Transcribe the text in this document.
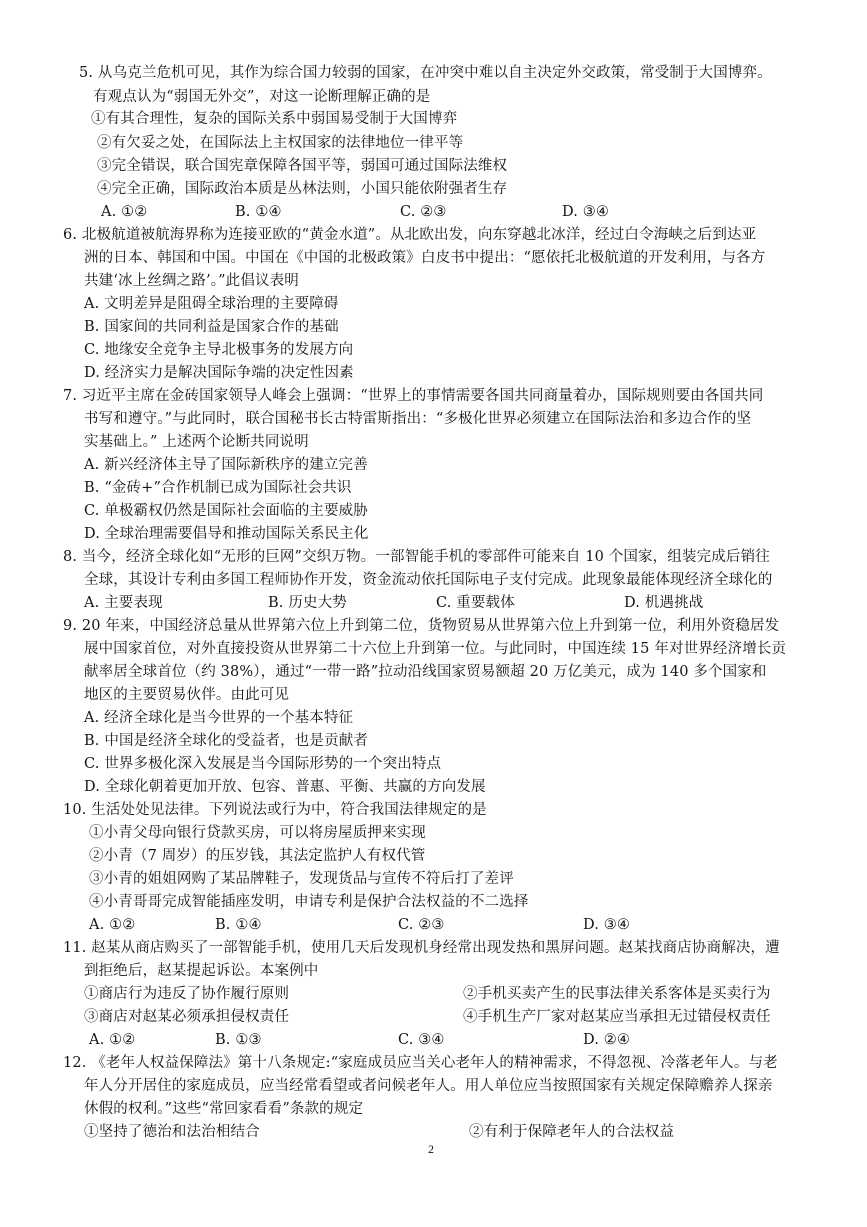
5. 从乌克兰危机可见，其作为综合国力较弱的国家，在冲突中难以自主决定外交政策，常受制于大国博弈。
有观点认为“弱国无外交”，对这一论断理解正确的是
①有其合理性，复杂的国际关系中弱国易受制于大国博弈
②有欠妥之处，在国际法上主权国家的法律地位一律平等
③完全错误，联合国宪章保障各国平等，弱国可通过国际法维权
④完全正确，国际政治本质是丛林法则，小国只能依附强者生存
A. ①②	B. ①④	C. ②③	D. ③④
6. 北极航道被航海界称为连接亚欧的“黄金水道”。从北欧出发，向东穿越北冰洋，经过白令海峡之后到达亚
洲的日本、韩国和中国。中国在《中国的北极政策》白皮书中提出：“愿依托北极航道的开发利用，与各方
共建‘冰上丝绸之路’。”此倡议表明
A. 文明差异是阻碍全球治理的主要障碍
B. 国家间的共同利益是国家合作的基础
C. 地缘安全竞争主导北极事务的发展方向
D. 经济实力是解决国际争端的决定性因素
7. 习近平主席在金砖国家领导人峰会上强调：“世界上的事情需要各国共同商量着办，国际规则要由各国共同
书写和遵守。”与此同时，联合国秘书长古特雷斯指出：“多极化世界必须建立在国际法治和多边合作的坚
实基础上。” 上述两个论断共同说明
A. 新兴经济体主导了国际新秩序的建立完善
B. “金砖+”合作机制已成为国际社会共识
C. 单极霸权仍然是国际社会面临的主要威胁
D. 全球治理需要倡导和推动国际关系民主化
8. 当今，经济全球化如“无形的巨网”交织万物。一部智能手机的零部件可能来自 10 个国家，组装完成后销往
全球，其设计专利由多国工程师协作开发，资金流动依托国际电子支付完成。此现象最能体现经济全球化的
A. 主要表现	B. 历史大势	C. 重要载体	D. 机遇挑战
9. 20 年来，中国经济总量从世界第六位上升到第二位，货物贸易从世界第六位上升到第一位，利用外资稳居发
展中国家首位，对外直接投资从世界第二十六位上升到第一位。与此同时，中国连续 15 年对世界经济增长贡
献率居全球首位（约 38%），通过“一带一路”拉动沿线国家贸易额超 20 万亿美元，成为 140 多个国家和
地区的主要贸易伙伴。由此可见
A. 经济全球化是当今世界的一个基本特征
B. 中国是经济全球化的受益者，也是贡献者
C. 世界多极化深入发展是当今国际形势的一个突出特点
D. 全球化朝着更加开放、包容、普惠、平衡、共赢的方向发展
10. 生活处处见法律。下列说法或行为中，符合我国法律规定的是
①小青父母向银行贷款买房，可以将房屋质押来实现
②小青（7 周岁）的压岁钱，其法定监护人有权代管
③小青的姐姐网购了某品牌鞋子，发现货品与宣传不符后打了差评
④小青哥哥完成智能插座发明，申请专利是保护合法权益的不二选择
A. ①②	B. ①④	C. ②③	D. ③④
11. 赵某从商店购买了一部智能手机，使用几天后发现机身经常出现发热和黑屏问题。赵某找商店协商解决，遭
到拒绝后，赵某提起诉讼。本案例中
①商店行为违反了协作履行原则	②手机买卖产生的民事法律关系客体是买卖行为
③商店对赵某必须承担侵权责任	④手机生产厂家对赵某应当承担无过错侵权责任
A. ①②	B. ①③	C. ③④	D. ②④
12. 《老年人权益保障法》第十八条规定:“家庭成员应当关心老年人的精神需求，不得忽视、冷落老年人。与老
年人分开居住的家庭成员，应当经常看望或者问候老年人。用人单位应当按照国家有关规定保障赡养人探亲
休假的权利。”这些“常回家看看”条款的规定
①坚持了德治和法治相结合	②有利于保障老年人的合法权益
2
